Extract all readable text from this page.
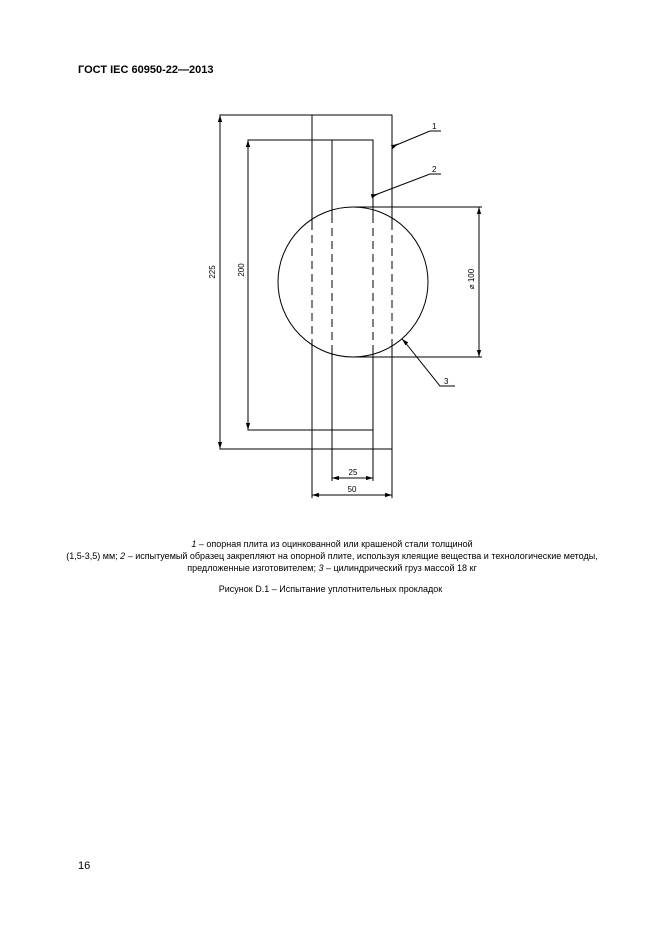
ГОСТ IEC 60950-22—2013
225	200	⌀ 100
25
50
1
2
3
1 – опорная плита из оцинкованной или крашеной стали толщиной
(1,5-3,5) мм; 2 – испытуемый образец закрепляют на опорной плите, используя клеящие вещества и технологические методы, предложенные изготовителем; 3 – цилиндрический груз массой 18 кг
Рисунок D.1 – Испытание уплотнительных прокладок
16
